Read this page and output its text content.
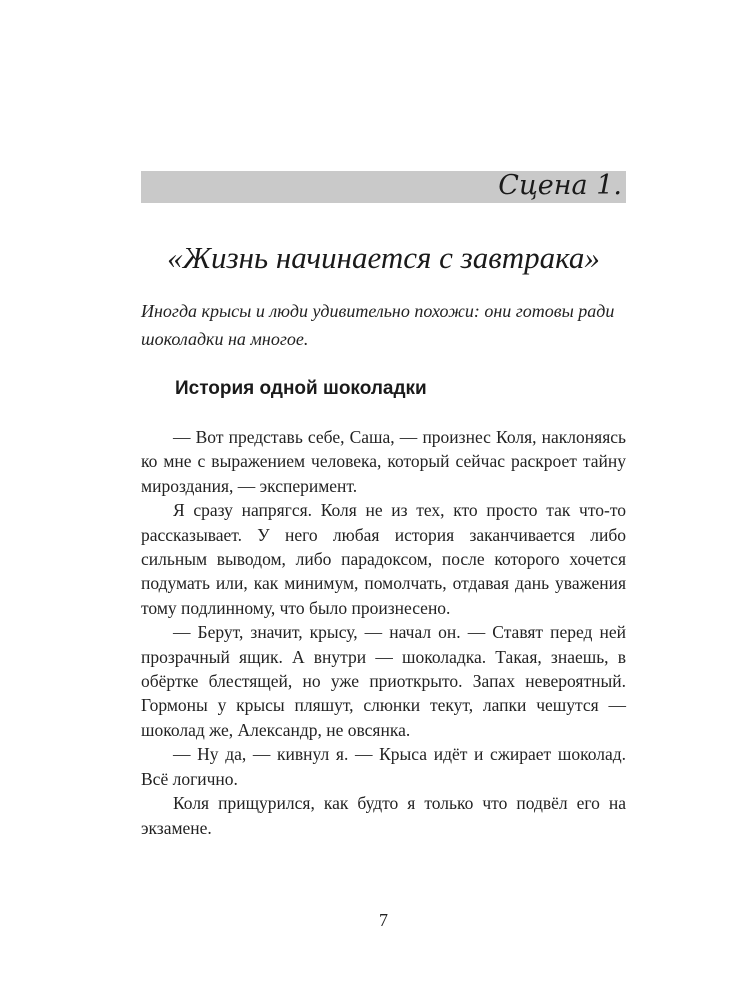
Сцена 1.
«Жизнь начинается с завтрака»

Иногда крысы и люди удивительно похожи: они готовы ради шоколадки на многое.

История одной шоколадки

— Вот представь себе, Саша, — произнес Коля, наклоняясь ко мне с выражением человека, который сейчас раскроет тайну мироздания, — эксперимент.

Я сразу напрягся. Коля не из тех, кто просто так что-то рассказывает. У него любая история заканчивается либо сильным выводом, либо парадоксом, после которого хочется подумать или, как минимум, помолчать, отдавая дань уважения тому подлинному, что было произнесено.

— Берут, значит, крысу, — начал он. — Ставят перед ней прозрачный ящик. А внутри — шоколадка. Такая, знаешь, в обёртке блестящей, но уже приоткрыто. Запах невероятный. Гормоны у крысы пляшут, слюнки текут, лапки чешутся — шоколад же, Александр, не овсянка.

— Ну да, — кивнул я. — Крыса идёт и сжирает шоколад. Всё логично.

Коля прищурился, как будто я только что подвёл его на экзамене.

7
